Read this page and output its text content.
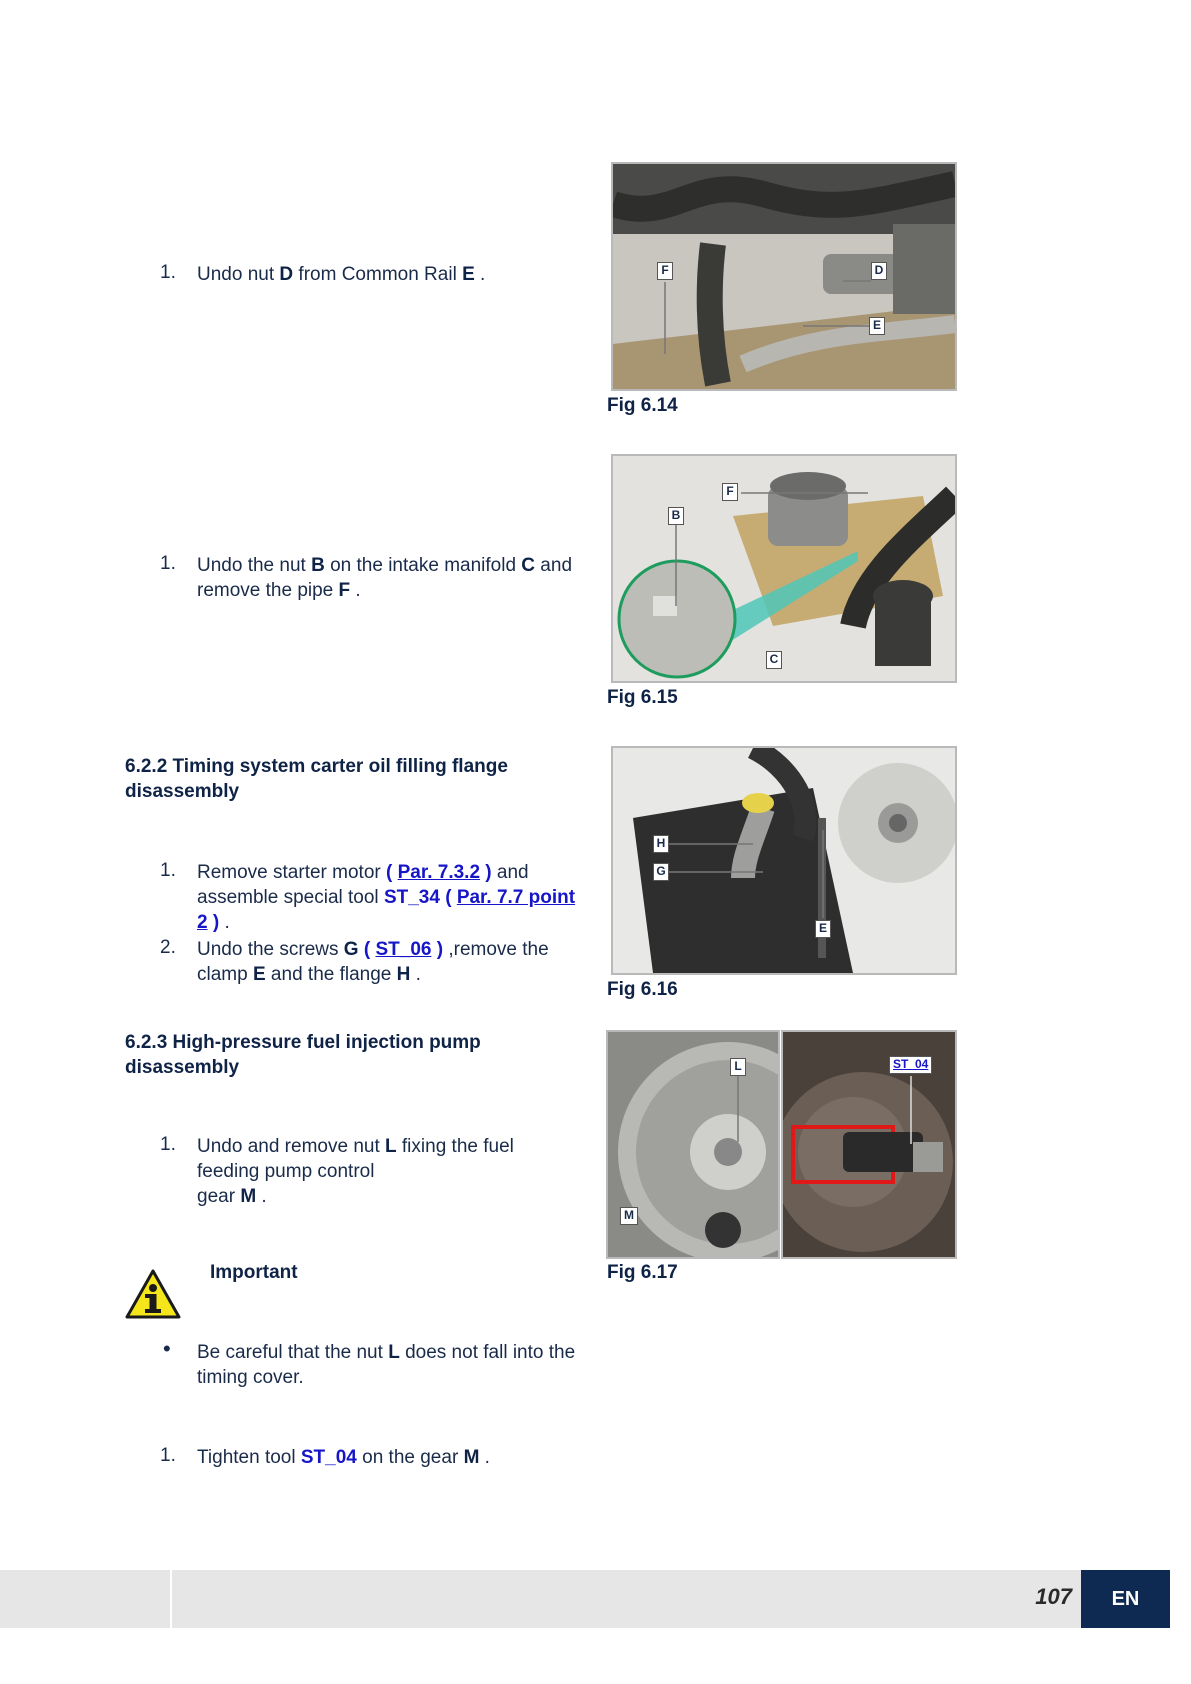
1.	Undo nut D from Common Rail E .
1.	Undo the nut B on the intake manifold C and remove the pipe F .
6.2.2 Timing system carter oil filling flange disassembly
1.	Remove starter motor ( Par. 7.3.2 ) and assemble special tool ST_34 ( Par. 7.7 point 2 ) .
2.	Undo the screws G ( ST_06 ) ,remove the clamp E and the flange H .
6.2.3 High-pressure fuel injection pump disassembly
1.	Undo and remove nut L fixing the fuel feeding pump control
gear M .
Important
•	Be careful that the nut L does not fall into the timing cover.
1.	Tighten tool ST_04 on the gear M .
F	D
E
Fig 6.14
F
B
C
Fig 6.15
H
G
E
Fig 6.16
L
M
ST_04
Fig 6.17
107	EN
